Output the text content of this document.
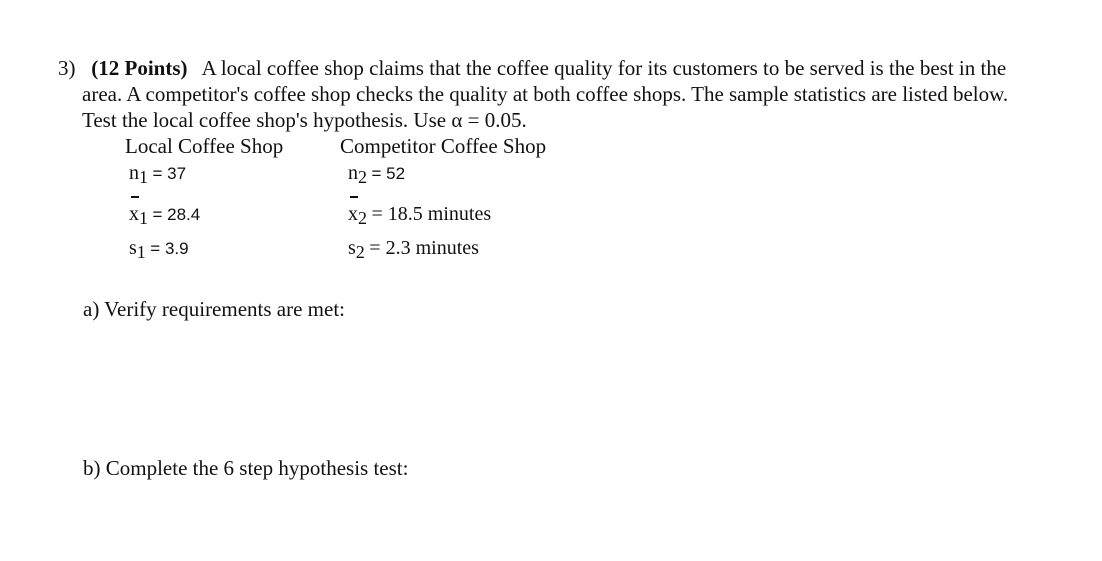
3) (12 Points) A local coffee shop claims that the coffee quality for its customers to be served is the best in the
area. A competitor's coffee shop checks the quality at both coffee shops. The sample statistics are listed below.
Test the local coffee shop's hypothesis. Use α = 0.05.
Local Coffee Shop
n1 = 37
x1 = 28.4
s1 = 3.9
Competitor Coffee Shop
n2 = 52
x2 = 18.5 minutes
s2 = 2.3 minutes
a) Verify requirements are met:
b) Complete the 6 step hypothesis test:
